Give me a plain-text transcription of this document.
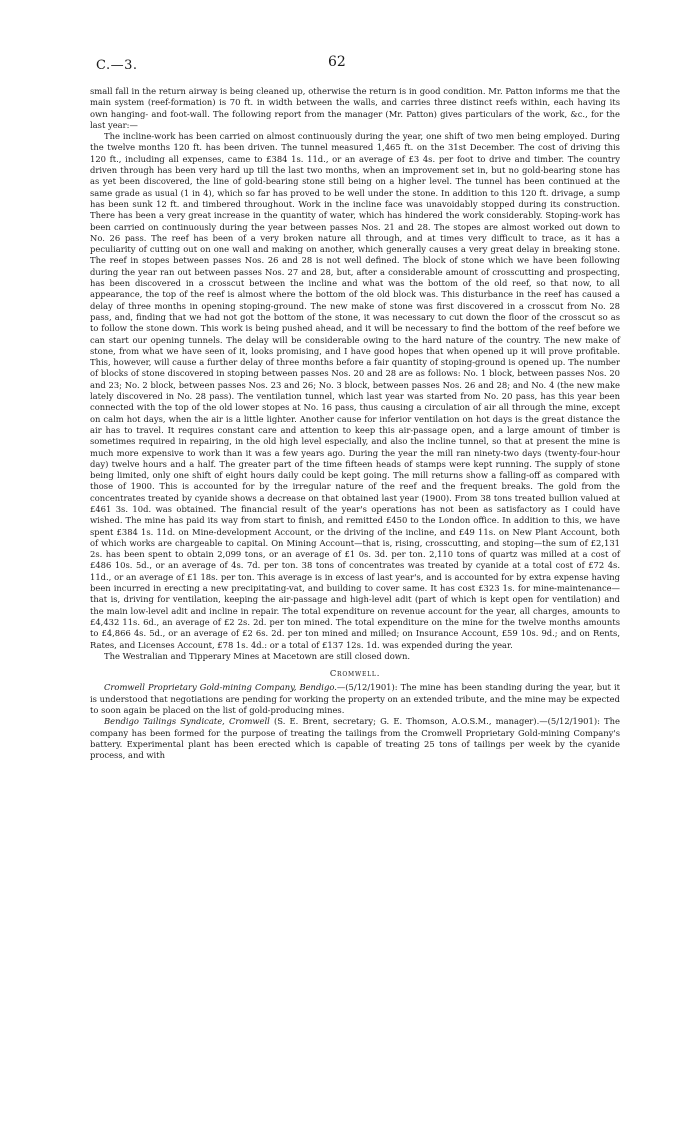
C.—3.	62

small fall in the return airway is being cleaned up, otherwise the return is in good condition. Mr. Patton informs me that the main system (reef-formation) is 70 ft. in width between the walls, and carries three distinct reefs within, each having its own hanging- and foot-wall. The following report from the manager (Mr. Patton) gives particulars of the work, &c., for the last year:—

The incline-work has been carried on almost continuously during the year, one shift of two men being employed. During the twelve months 120 ft. has been driven. The tunnel measured 1,465 ft. on the 31st December. The cost of driving this 120 ft., including all expenses, came to £384 1s. 11d., or an average of £3 4s. per foot to drive and timber. The country driven through has been very hard up till the last two months, when an improvement set in, but no gold-bearing stone has as yet been discovered, the line of gold-bearing stone still being on a higher level. The tunnel has been continued at the same grade as usual (1 in 4), which so far has proved to be well under the stone. In addition to this 120 ft. drivage, a sump has been sunk 12 ft. and timbered throughout. Work in the incline face was unavoidably stopped during its construction. There has been a very great increase in the quantity of water, which has hindered the work considerably. Stoping-work has been carried on continuously during the year between passes Nos. 21 and 28. The stopes are almost worked out down to No. 26 pass. The reef has been of a very broken nature all through, and at times very difficult to trace, as it has a peculiarity of cutting out on one wall and making on another, which generally causes a very great delay in breaking stone. The reef in stopes between passes Nos. 26 and 28 is not well defined. The block of stone which we have been following during the year ran out between passes Nos. 27 and 28, but, after a considerable amount of crosscutting and prospecting, has been discovered in a crosscut between the incline and what was the bottom of the old reef, so that now, to all appearance, the top of the reef is almost where the bottom of the old block was. This disturbance in the reef has caused a delay of three months in opening stoping-ground. The new make of stone was first discovered in a crosscut from No. 28 pass, and, finding that we had not got the bottom of the stone, it was necessary to cut down the floor of the crosscut so as to follow the stone down. This work is being pushed ahead, and it will be necessary to find the bottom of the reef before we can start our opening tunnels. The delay will be considerable owing to the hard nature of the country. The new make of stone, from what we have seen of it, looks promising, and I have good hopes that when opened up it will prove profitable. This, however, will cause a further delay of three months before a fair quantity of stoping-ground is opened up. The number of blocks of stone discovered in stoping between passes Nos. 20 and 28 are as follows: No. 1 block, between passes Nos. 20 and 23; No. 2 block, between passes Nos. 23 and 26; No. 3 block, between passes Nos. 26 and 28; and No. 4 (the new make lately discovered in No. 28 pass). The ventilation tunnel, which last year was started from No. 20 pass, has this year been connected with the top of the old lower stopes at No. 16 pass, thus causing a circulation of air all through the mine, except on calm hot days, when the air is a little lighter. Another cause for inferior ventilation on hot days is the great distance the air has to travel. It requires constant care and attention to keep this air-passage open, and a large amount of timber is sometimes required in repairing, in the old high level especially, and also the incline tunnel, so that at present the mine is much more expensive to work than it was a few years ago. During the year the mill ran ninety-two days (twenty-four-hour day) twelve hours and a half. The greater part of the time fifteen heads of stamps were kept running. The supply of stone being limited, only one shift of eight hours daily could be kept going. The mill returns show a falling-off as compared with those of 1900. This is accounted for by the irregular nature of the reef and the frequent breaks. The gold from the concentrates treated by cyanide shows a decrease on that obtained last year (1900). From 38 tons treated bullion valued at £461 3s. 10d. was obtained. The financial result of the year's operations has not been as satisfactory as I could have wished. The mine has paid its way from start to finish, and remitted £450 to the London office. In addition to this, we have spent £384 1s. 11d. on Mine-development Account, or the driving of the incline, and £49 11s. on New Plant Account, both of which works are chargeable to capital. On Mining Account—that is, rising, crosscutting, and stoping—the sum of £2,131 2s. has been spent to obtain 2,099 tons, or an average of £1 0s. 3d. per ton. 2,110 tons of quartz was milled at a cost of £486 10s. 5d., or an average of 4s. 7d. per ton. 38 tons of concentrates was treated by cyanide at a total cost of £72 4s. 11d., or an average of £1 18s. per ton. This average is in excess of last year's, and is accounted for by extra expense having been incurred in erecting a new precipitating-vat, and building to cover same. It has cost £323 1s. for mine-maintenance—that is, driving for ventilation, keeping the air-passage and high-level adit (part of which is kept open for ventilation) and the main low-level adit and incline in repair. The total expenditure on revenue account for the year, all charges, amounts to £4,432 11s. 6d., an average of £2 2s. 2d. per ton mined. The total expenditure on the mine for the twelve months amounts to £4,866 4s. 5d., or an average of £2 6s. 2d. per ton mined and milled; on Insurance Account, £59 10s. 9d.; and on Rents, Rates, and Licenses Account, £78 1s. 4d.: or a total of £137 12s. 1d. was expended during the year.

The Westralian and Tipperary Mines at Macetown are still closed down.

Cromwell.

Cromwell Proprietary Gold-mining Company, Bendigo.—(5/12/1901): The mine has been standing during the year, but it is understood that negotiations are pending for working the property on an extended tribute, and the mine may be expected to soon again be placed on the list of gold-producing mines.

Bendigo Tailings Syndicate, Cromwell (S. E. Brent, secretary; G. E. Thomson, A.O.S.M., manager).—(5/12/1901): The company has been formed for the purpose of treating the tailings from the Cromwell Proprietary Gold-mining Company's battery. Experimental plant has been erected which is capable of treating 25 tons of tailings per week by the cyanide process, and with
